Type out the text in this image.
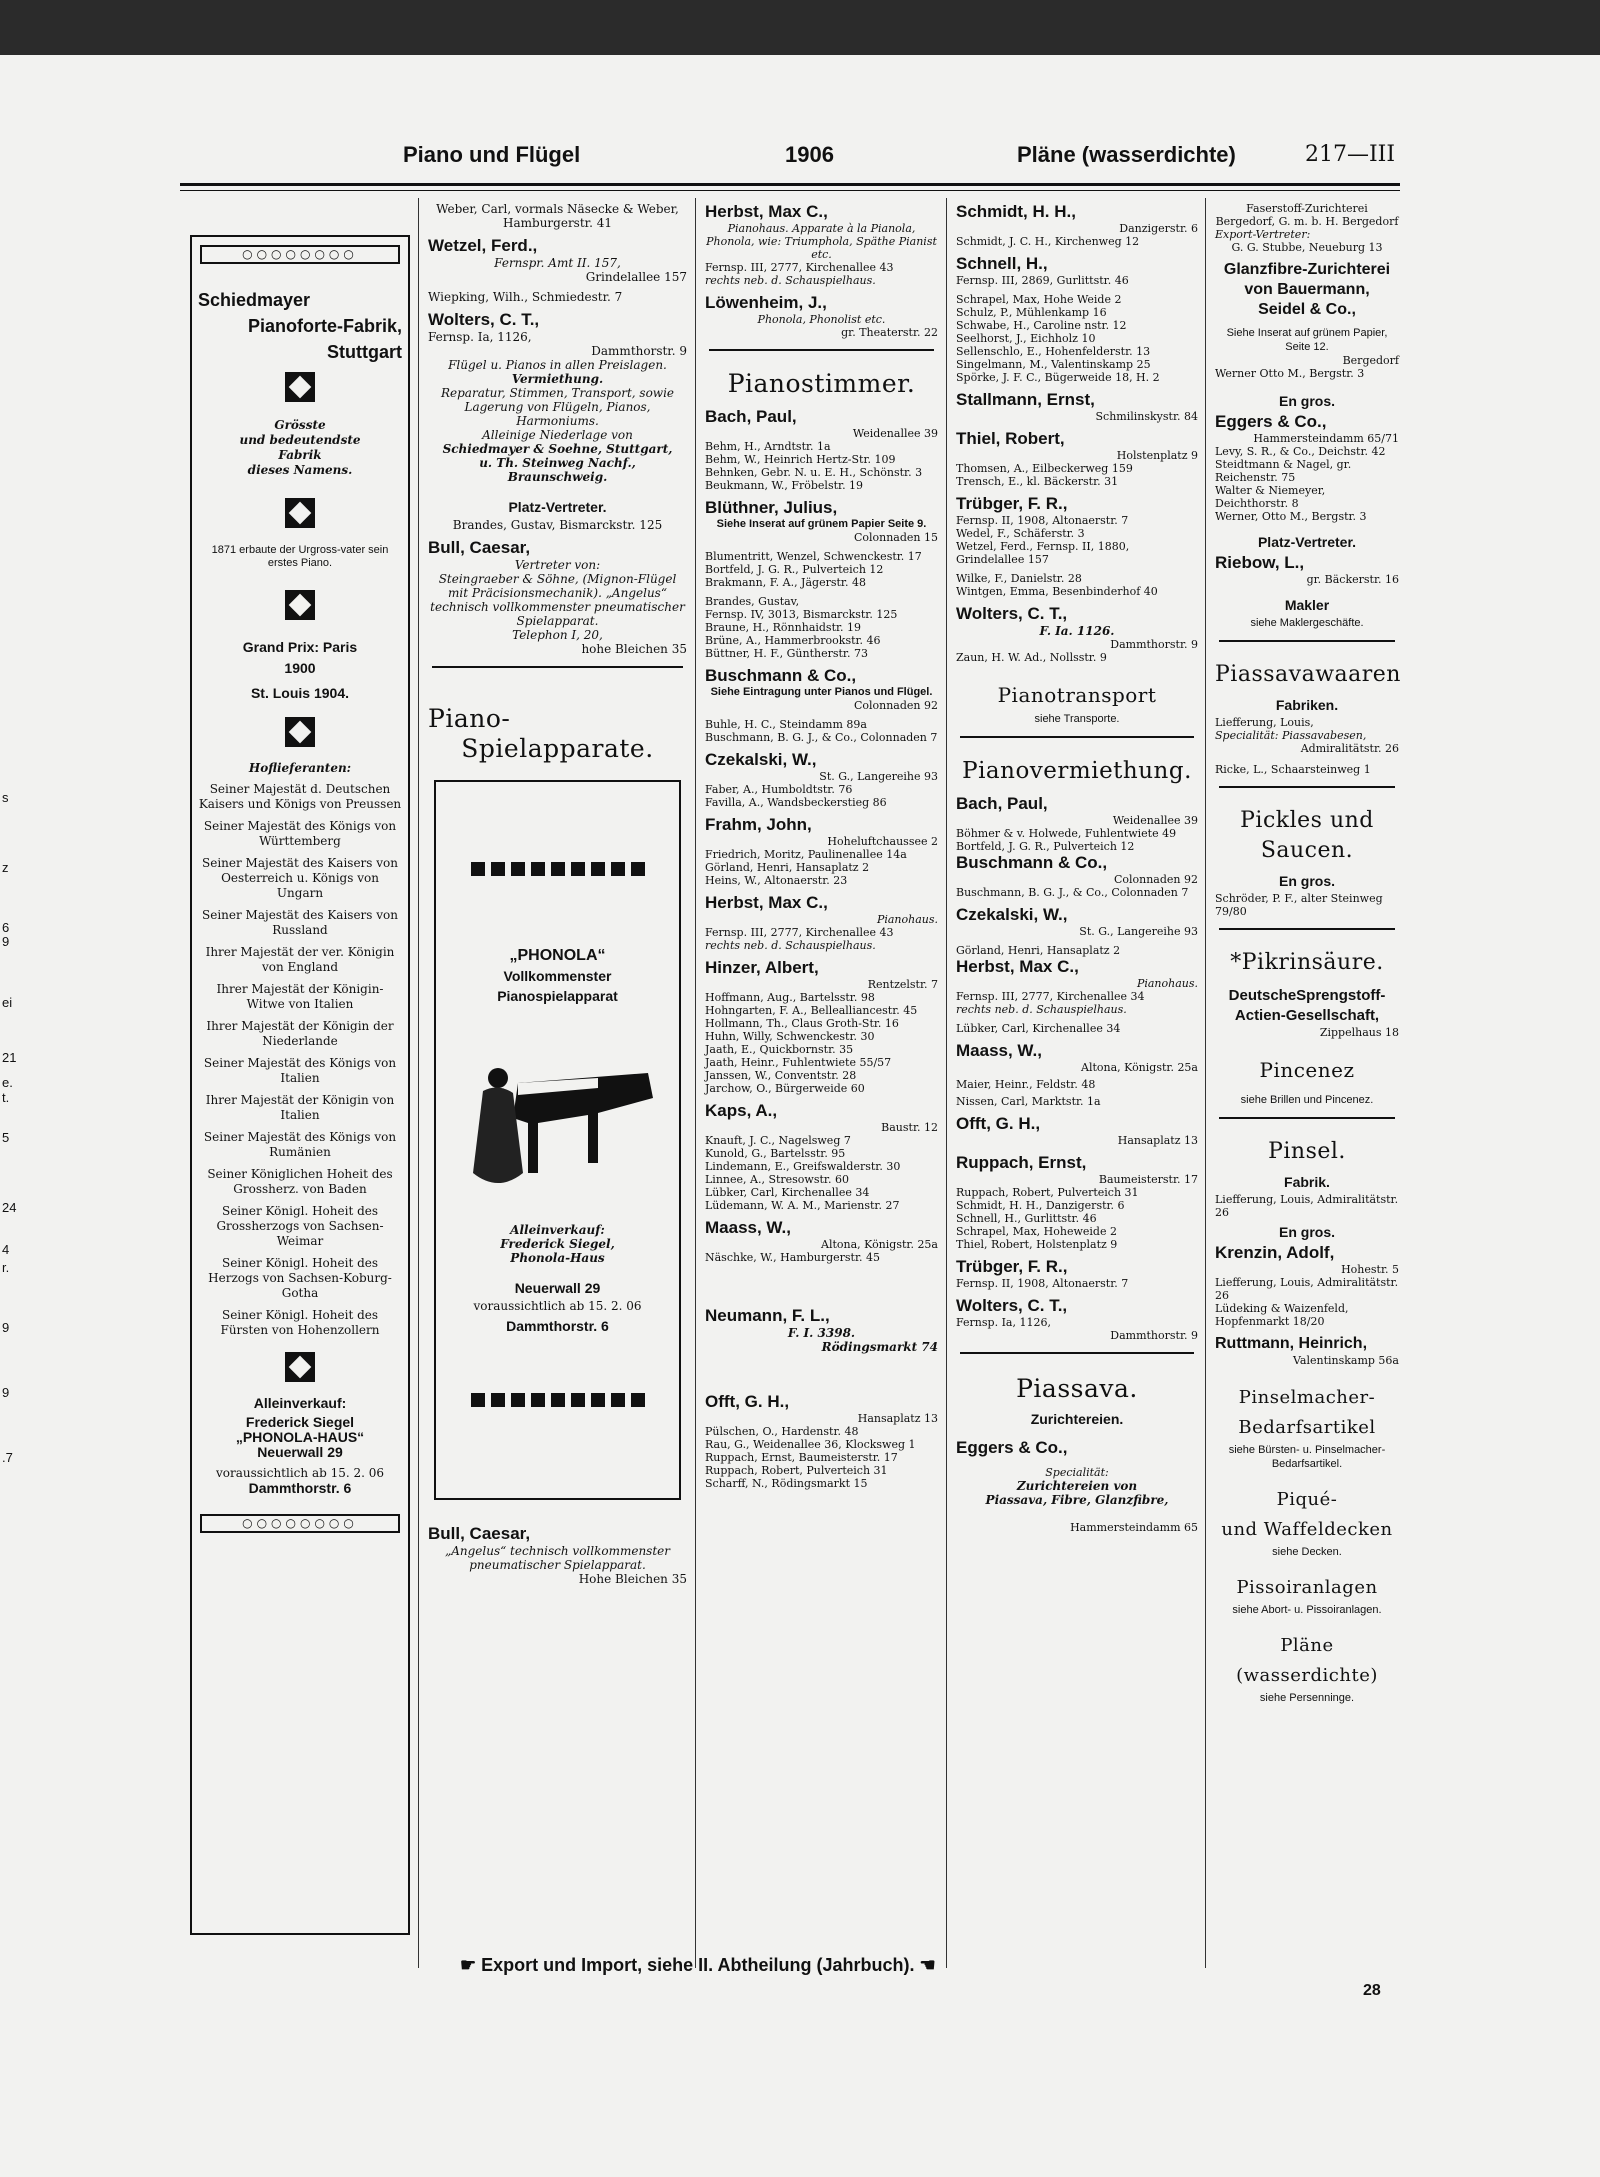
s
z
6
9
ei
21
e.
t.
5
24
4
r.
9
9
.7
Piano und Flügel	1906	Pläne (wasserdichte)	217—III
○○○○○○○○
Schiedmayer
Pianoforte-Fabrik,
Stuttgart
Grösste
und bedeutendste
Fabrik
dieses Namens.
1871 erbaute der Urgross-vater sein erstes Piano.
Grand Prix: Paris
1900
St. Louis 1904.
Hoflieferanten:
Seiner Majestät d. Deutschen Kaisers und Königs von Preussen
Seiner Majestät des Königs von Württemberg
Seiner Majestät des Kaisers von Oesterreich u. Königs von Ungarn
Seiner Majestät des Kaisers von Russland
Ihrer Majestät der ver. Königin von England
Ihrer Majestät der Königin-Witwe von Italien
Ihrer Majestät der Königin der Niederlande
Seiner Majestät des Königs von Italien
Ihrer Majestät der Königin von Italien
Seiner Majestät des Königs von Rumänien
Seiner Königlichen Hoheit des Grossherz. von Baden
Seiner Königl. Hoheit des Grossherzogs von Sachsen-Weimar
Seiner Königl. Hoheit des Herzogs von Sachsen-Koburg-Gotha
Seiner Königl. Hoheit des Fürsten von Hohenzollern
Alleinverkauf:
Frederick Siegel
„PHONOLA-HAUS“
Neuerwall 29
voraussichtlich ab 15. 2. 06
Dammthorstr. 6
○○○○○○○○
Weber, Carl, vormals Näsecke & Weber, Hamburgerstr. 41
Wetzel, Ferd.,
Fernspr. Amt II. 157,
Grindelallee 157
Wiepking, Wilh., Schmiedestr. 7
Wolters, C. T.,
Fernsp. Ia, 1126,
Dammthorstr. 9
Flügel u. Pianos in allen Preislagen.
Vermiethung.
Reparatur, Stimmen, Transport, sowie Lagerung von Flügeln, Pianos, Harmoniums.
Alleinige Niederlage von
Schiedmayer & Soehne, Stuttgart,
u. Th. Steinweg Nachf., Braunschweig.
Platz-Vertreter.
Brandes, Gustav, Bismarckstr. 125
Bull, Caesar,
Vertreter von:
Steingraeber & Söhne, (Mignon-Flügel mit Präcisionsmechanik). „Angelus“ technisch vollkommenster pneumatischer Spielapparat.
Telephon I, 20,
hohe Bleichen 35
Piano-
Spielapparate.
„PHONOLA“
Vollkommenster
Pianospielapparat
Alleinverkauf:
Frederick Siegel,
Phonola-Haus
Neuerwall 29
voraussichtlich ab 15. 2. 06
Dammthorstr. 6
Bull, Caesar,
„Angelus“ technisch vollkommenster pneumatischer Spielapparat.
Hohe Bleichen 35
Herbst, Max C.,
Pianohaus. Apparate à la Pianola, Phonola, wie: Triumphola, Späthe Pianist etc.
Fernsp. III, 2777, Kirchenallee 43
rechts neb. d. Schauspielhaus.
Löwenheim, J.,
Phonola, Phonolist etc.
gr. Theaterstr. 22
Pianostimmer.
Bach, Paul,
Weidenallee 39
Behm, H., Arndtstr. 1a
Behm, W., Heinrich Hertz-Str. 109
Behnken, Gebr. N. u. E. H., Schönstr. 3
Beukmann, W., Fröbelstr. 19
Blüthner, Julius,
Siehe Inserat auf grünem Papier Seite 9.
Colonnaden 15
Blumentritt, Wenzel, Schwenckestr. 17
Bortfeld, J. G. R., Pulverteich 12
Brakmann, F. A., Jägerstr. 48
Brandes, Gustav,
Fernsp. IV, 3013, Bismarckstr. 125
Braune, H., Rönnhaidstr. 19
Brüne, A., Hammerbrookstr. 46
Büttner, H. F., Güntherstr. 73
Buschmann & Co.,
Siehe Eintragung unter Pianos und Flügel.
Colonnaden 92
Buhle, H. C., Steindamm 89a
Buschmann, B. G. J., & Co., Colonnaden 7
Czekalski, W.,
St. G., Langereihe 93
Faber, A., Humboldtstr. 76
Favilla, A., Wandsbeckerstieg 86
Frahm, John,
Hoheluftchaussee 2
Friedrich, Moritz, Paulinenallee 14a
Görland, Henri, Hansaplatz 2
Heins, W., Altonaerstr. 23
Herbst, Max C.,
Pianohaus.
Fernsp. III, 2777, Kirchenallee 43
rechts neb. d. Schauspielhaus.
Hinzer, Albert,
Rentzelstr. 7
Hoffmann, Aug., Bartelsstr. 98
Hohngarten, F. A., Bellealliancestr. 45
Hollmann, Th., Claus Groth-Str. 16
Huhn, Willy, Schwenckestr. 30
Jaath, E., Quickbornstr. 35
Jaath, Heinr., Fuhlentwiete 55/57
Janssen, W., Conventstr. 28
Jarchow, O., Bürgerweide 60
Kaps, A.,
Baustr. 12
Knauft, J. C., Nagelsweg 7
Kunold, G., Bartelsstr. 95
Lindemann, E., Greifswalderstr. 30
Linnee, A., Stresowstr. 60
Lübker, Carl, Kirchenallee 34
Lüdemann, W. A. M., Marienstr. 27
Maass, W.,
Altona, Königstr. 25a
Näschke, W., Hamburgerstr. 45
Neumann, F. L.,
F. I. 3398.
Rödingsmarkt 74
Offt, G. H.,
Hansaplatz 13
Pülschen, O., Hardenstr. 48
Rau, G., Weidenallee 36, Klocksweg 1
Ruppach, Ernst, Baumeisterstr. 17
Ruppach, Robert, Pulverteich 31
Scharff, N., Rödingsmarkt 15
Schmidt, H. H.,
Danzigerstr. 6
Schmidt, J. C. H., Kirchenweg 12
Schnell, H.,
Fernsp. III, 2869, Gurlittstr. 46
Schrapel, Max, Hohe Weide 2
Schulz, P., Mühlenkamp 16
Schwabe, H., Caroline nstr. 12
Seelhorst, J., Eichholz 10
Sellenschlo, E., Hohenfelderstr. 13
Singelmann, M., Valentinskamp 25
Spörke, J. F. C., Bügerweide 18, H. 2
Stallmann, Ernst,
Schmilinskystr. 84
Thiel, Robert,
Holstenplatz 9
Thomsen, A., Eilbeckerweg 159
Trensch, E., kl. Bäckerstr. 31
Trübger, F. R.,
Fernsp. II, 1908, Altonaerstr. 7
Wedel, F., Schäferstr. 3
Wetzel, Ferd., Fernsp. II, 1880, Grindelallee 157
Wilke, F., Danielstr. 28
Wintgen, Emma, Besenbinderhof 40
Wolters, C. T.,
F. Ia. 1126.
Dammthorstr. 9
Zaun, H. W. Ad., Nollsstr. 9
Pianotransport
siehe Transporte.
Pianovermiethung.
Bach, Paul,
Weidenallee 39
Böhmer & v. Holwede, Fuhlentwiete 49
Bortfeld, J. G. R., Pulverteich 12
Buschmann & Co.,
Colonnaden 92
Buschmann, B. G. J., & Co., Colonnaden 7
Czekalski, W.,
St. G., Langereihe 93
Görland, Henri, Hansaplatz 2
Herbst, Max C.,
Pianohaus.
Fernsp. III, 2777, Kirchenallee 34
rechts neb. d. Schauspielhaus.
Lübker, Carl, Kirchenallee 34
Maass, W.,
Altona, Königstr. 25a
Maier, Heinr., Feldstr. 48
Nissen, Carl, Marktstr. 1a
Offt, G. H.,
Hansaplatz 13
Ruppach, Ernst,
Baumeisterstr. 17
Ruppach, Robert, Pulverteich 31
Schmidt, H. H., Danzigerstr. 6
Schnell, H., Gurlittstr. 46
Schrapel, Max, Hoheweide 2
Thiel, Robert, Holstenplatz 9
Trübger, F. R.,
Fernsp. II, 1908, Altonaerstr. 7
Wolters, C. T.,
Fernsp. Ia, 1126,
Dammthorstr. 9
Piassava.
Zurichtereien.
Eggers & Co.,
Specialität:
Zurichtereien von
Piassava, Fibre, Glanzfibre,
Hammersteindamm 65
Faserstoff-Zurichterei Bergedorf, G. m. b. H. Bergedorf
Export-Vertreter:
G. G. Stubbe, Neueburg 13
Glanzfibre-Zurichterei
von Bauermann,
Seidel & Co.,
Siehe Inserat auf grünem Papier, Seite 12.
Bergedorf
Werner Otto M., Bergstr. 3
En gros.
Eggers & Co.,
Hammersteindamm 65/71
Levy, S. R., & Co., Deichstr. 42
Steidtmann & Nagel, gr. Reichenstr. 75
Walter & Niemeyer, Deichthorstr. 8
Werner, Otto M., Bergstr. 3
Platz-Vertreter.
Riebow, L.,
gr. Bäckerstr. 16
Makler
siehe Maklergeschäfte.
Piassavawaaren
Fabriken.
Liefferung, Louis,
Specialität: Piassavabesen,
Admiralitätstr. 26
Ricke, L., Schaarsteinweg 1
Pickles und Saucen.
En gros.
Schröder, P. F., alter Steinweg 79/80
*Pikrinsäure.
DeutscheSprengstoff-
Actien-Gesellschaft,
Zippelhaus 18
Pincenez
siehe Brillen und Pincenez.
Pinsel.
Fabrik.
Liefferung, Louis, Admiralitätstr. 26
En gros.
Krenzin, Adolf,
Hohestr. 5
Liefferung, Louis, Admiralitätstr. 26
Lüdeking & Waizenfeld, Hopfenmarkt 18/20
Ruttmann, Heinrich,
Valentinskamp 56a
Pinselmacher-
Bedarfsartikel
siehe Bürsten- u. Pinselmacher-Bedarfsartikel.
Piqué-
und Waffeldecken
siehe Decken.
Pissoiranlagen
siehe Abort- u. Pissoiranlagen.
Pläne (wasserdichte)
siehe Persenninge.
☛ Export und Import, siehe II. Abtheilung (Jahrbuch). ☚
28
